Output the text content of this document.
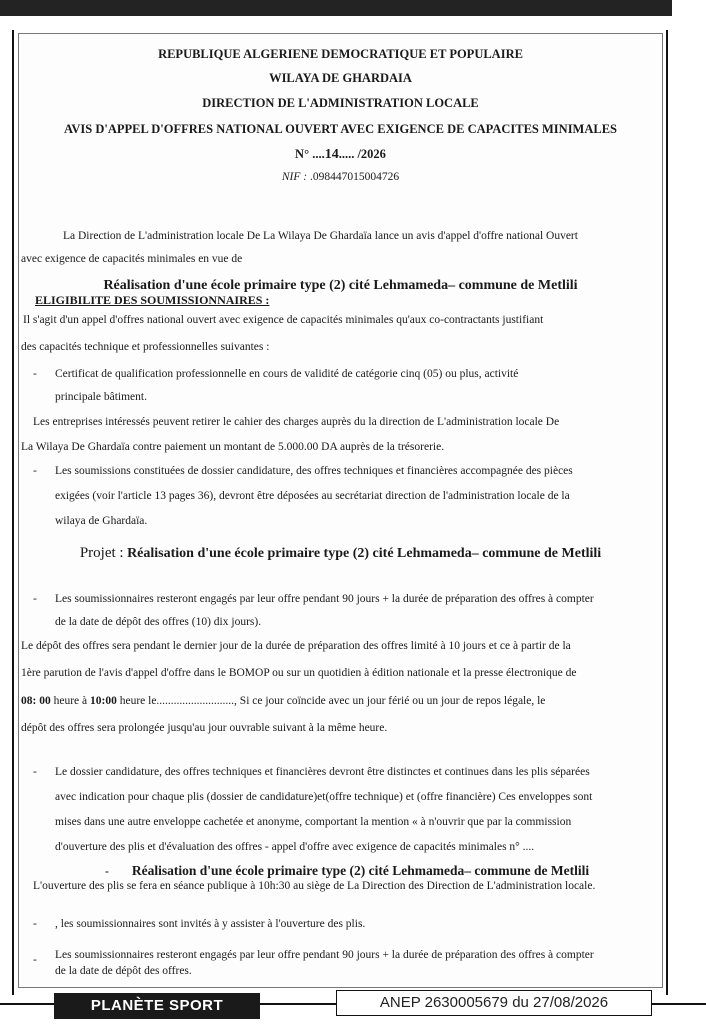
REPUBLIQUE ALGERIENE DEMOCRATIQUE ET POPULAIRE
WILAYA DE GHARDAIA
DIRECTION DE L'ADMINISTRATION LOCALE
AVIS D'APPEL D'OFFRES NATIONAL OUVERT AVEC EXIGENCE DE CAPACITES MINIMALES
N° ....14..... /2026
NIF : .098447015004726
La Direction de L'administration locale De La Wilaya De Ghardaïa lance un avis d'appel d'offre national Ouvert
avec exigence de capacités minimales en vue de
Réalisation d'une école primaire type (2) cité Lehmameda– commune de Metlili
ELIGIBILITE DES SOUMISSIONNAIRES :
Il s'agit d'un appel d'offres national ouvert avec exigence de capacités minimales qu'aux co-contractants justifiant
des capacités technique et professionnelles suivantes :
- Certificat de qualification professionnelle en cours de validité de catégorie cinq (05) ou plus, activité
principale bâtiment.
Les entreprises intéressés peuvent retirer le cahier des charges auprès du la direction de L'administration locale De
La Wilaya De Ghardaïa contre paiement un montant de 5.000.00 DA auprès de la trésorerie.
- Les soumissions constituées de dossier candidature, des offres techniques et financières accompagnée des pièces
exigées (voir l'article 13 pages 36), devront être déposées au secrétariat direction de l'administration locale de la
wilaya de Ghardaïa.
Projet : Réalisation d'une école primaire type (2) cité Lehmameda– commune de Metlili
- Les soumissionnaires resteront engagés par leur offre pendant 90 jours + la durée de préparation des offres à compter
de la date de dépôt des offres (10) dix jours).
Le dépôt des offres sera pendant le dernier jour de la durée de préparation des offres limité à 10 jours et ce à partir de la
1ère parution de l'avis d'appel d'offre dans le BOMOP ou sur un quotidien à édition nationale et la presse électronique de
08: 00 heure à 10:00 heure le..........................., Si ce jour coïncide avec un jour férié ou un jour de repos légale, le
dépôt des offres sera prolongée jusqu'au jour ouvrable suivant à la même heure.
- Le dossier candidature, des offres techniques et financières devront être distinctes et continues dans les plis séparées
avec indication pour chaque plis (dossier de candidature)et(offre technique) et (offre financière) Ces enveloppes sont
mises dans une autre enveloppe cachetée et anonyme, comportant la mention « à n'ouvrir que par la commission
d'ouverture des plis et d'évaluation des offres - appel d'offre avec exigence de capacités minimales n° ....
-	Réalisation d'une école primaire type (2) cité Lehmameda– commune de Metlili
L'ouverture des plis se fera en séance publique à 10h:30 au siège de La Direction des Direction de L'administration locale.
- , les soumissionnaires sont invités à y assister à l'ouverture des plis.
- Les soumissionnaires resteront engagés par leur offre pendant 90 jours + la durée de préparation des offres à compter
de la date de dépôt des offres.
PLANÈTE SPORT	ANEP 2630005679 du 27/08/2026
